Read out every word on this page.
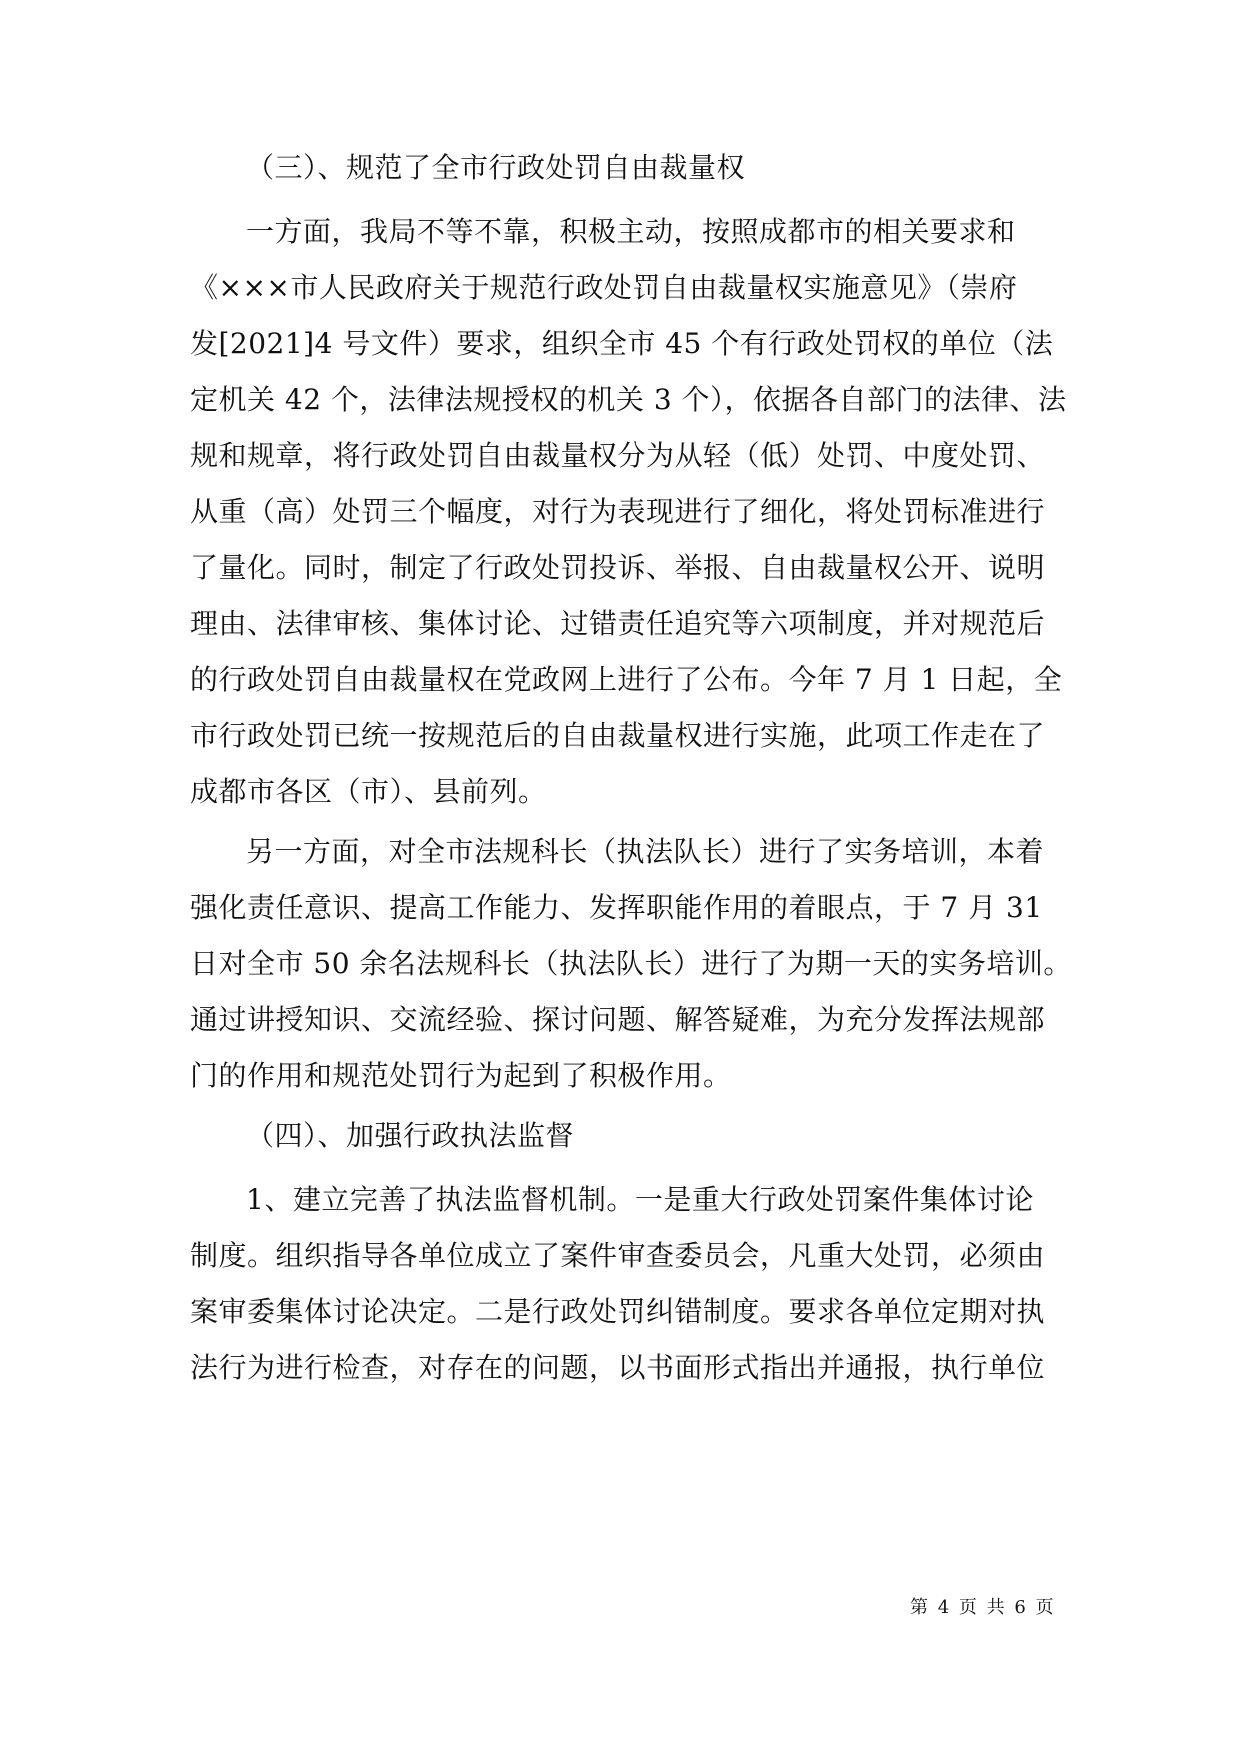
（三）、规范了全市行政处罚自由裁量权
一方面，我局不等不靠，积极主动，按照成都市的相关要求和
《×××市人民政府关于规范行政处罚自由裁量权实施意见》（崇府
发[2021]4 号文件）要求，组织全市 45 个有行政处罚权的单位（法
定机关 42 个，法律法规授权的机关 3 个），依据各自部门的法律、法
规和规章，将行政处罚自由裁量权分为从轻（低）处罚、中度处罚、
从重（高）处罚三个幅度，对行为表现进行了细化，将处罚标准进行
了量化。同时，制定了行政处罚投诉、举报、自由裁量权公开、说明
理由、法律审核、集体讨论、过错责任追究等六项制度，并对规范后
的行政处罚自由裁量权在党政网上进行了公布。今年 7 月 1 日起，全
市行政处罚已统一按规范后的自由裁量权进行实施，此项工作走在了
成都市各区（市）、县前列。
另一方面，对全市法规科长（执法队长）进行了实务培训，本着
强化责任意识、提高工作能力、发挥职能作用的着眼点，于 7 月 31
日对全市 50 余名法规科长（执法队长）进行了为期一天的实务培训。
通过讲授知识、交流经验、探讨问题、解答疑难，为充分发挥法规部
门的作用和规范处罚行为起到了积极作用。
（四）、加强行政执法监督
1、建立完善了执法监督机制。一是重大行政处罚案件集体讨论
制度。组织指导各单位成立了案件审查委员会，凡重大处罚，必须由
案审委集体讨论决定。二是行政处罚纠错制度。要求各单位定期对执
法行为进行检查，对存在的问题，以书面形式指出并通报，执行单位
第 4 页 共 6 页
